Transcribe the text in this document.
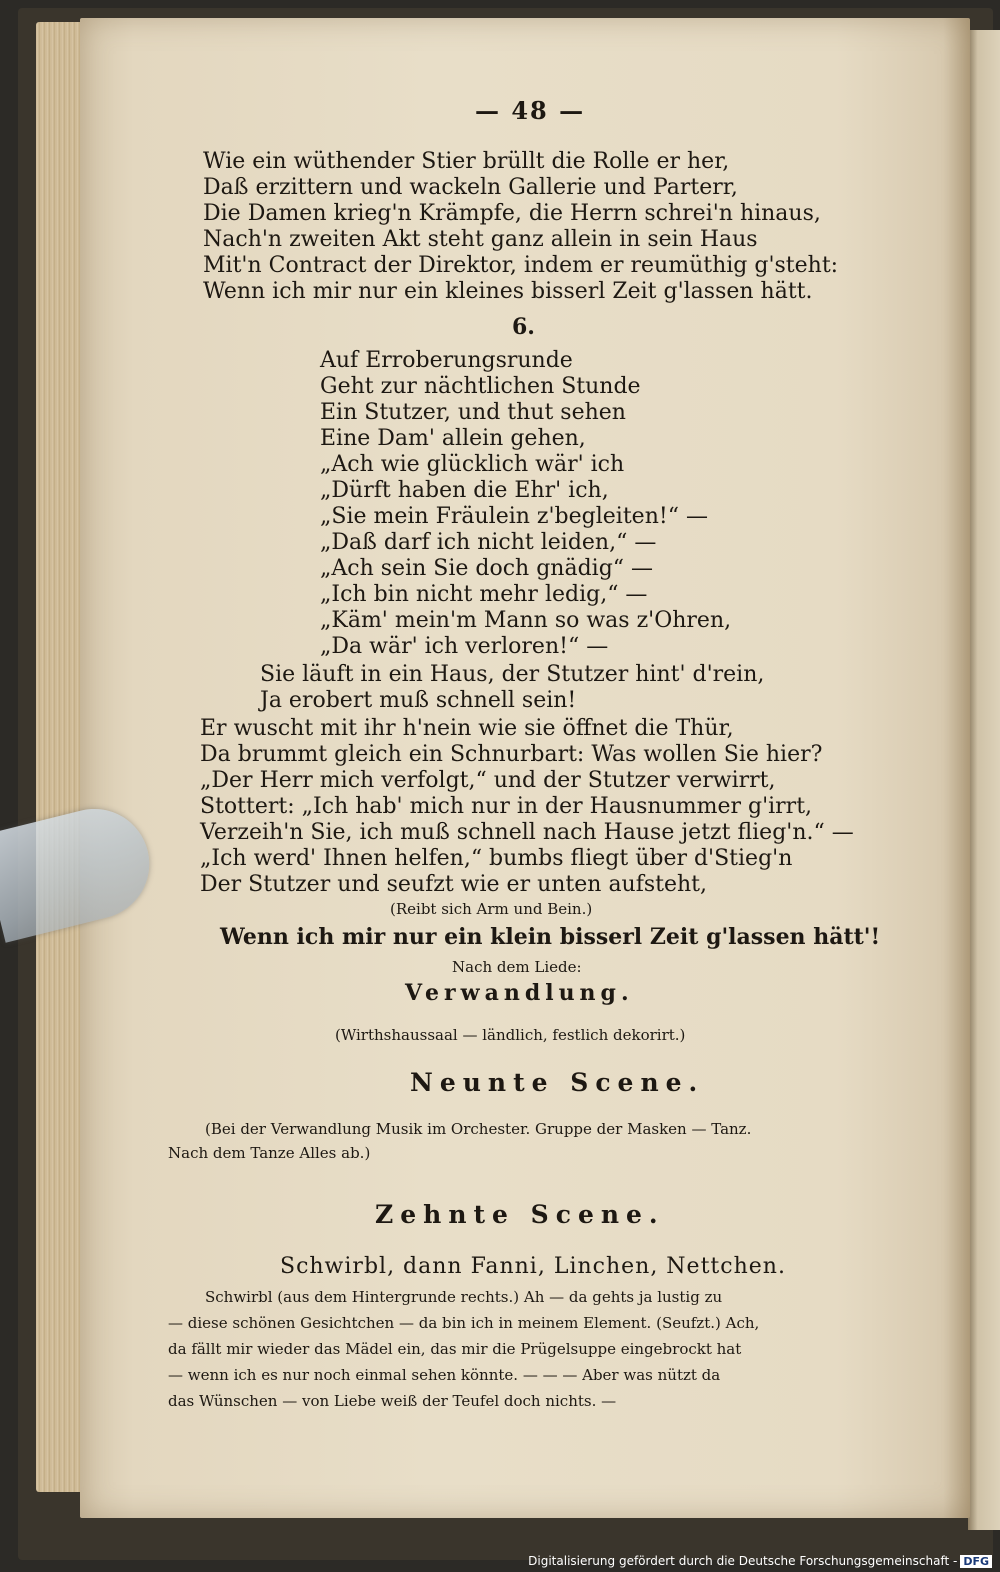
— 48 —
Wie ein wüthender Stier brüllt die Rolle er her,
Daß erzittern und wackeln Gallerie und Parterr,
Die Damen krieg'n Krämpfe, die Herrn schrei'n hinaus,
Nach'n zweiten Akt steht ganz allein in sein Haus
Mit'n Contract der Direktor, indem er reumüthig g'steht:
Wenn ich mir nur ein kleines bisserl Zeit g'lassen hätt.
6.
Auf Erroberungsrunde
Geht zur nächtlichen Stunde
Ein Stutzer, und thut sehen
Eine Dam' allein gehen,
„Ach wie glücklich wär' ich
„Dürft haben die Ehr' ich,
„Sie mein Fräulein z'begleiten!“ —
„Daß darf ich nicht leiden,“ —
„Ach sein Sie doch gnädig“ —
„Ich bin nicht mehr ledig,“ —
„Käm' mein'm Mann so was z'Ohren,
„Da wär' ich verloren!“ —
Sie läuft in ein Haus, der Stutzer hint' d'rein,
Ja erobert muß schnell sein!
Er wuscht mit ihr h'nein wie sie öffnet die Thür,
Da brummt gleich ein Schnurbart: Was wollen Sie hier?
„Der Herr mich verfolgt,“ und der Stutzer verwirrt,
Stottert: „Ich hab' mich nur in der Hausnummer g'irrt,
Verzeih'n Sie, ich muß schnell nach Hause jetzt flieg'n.“ —
„Ich werd' Ihnen helfen,“ bumbs fliegt über d'Stieg'n
Der Stutzer und seufzt wie er unten aufsteht,
(Reibt sich Arm und Bein.)
Wenn ich mir nur ein klein bisserl Zeit g'lassen hätt'!
Nach dem Liede:
Verwandlung.
(Wirthshaussaal — ländlich, festlich dekorirt.)
Neunte Scene.
(Bei der Verwandlung Musik im Orchester. Gruppe der Masken — Tanz.
Nach dem Tanze Alles ab.)
Zehnte Scene.
Schwirbl, dann Fanni, Linchen, Nettchen.
Schwirbl (aus dem Hintergrunde rechts.) Ah — da gehts ja lustig zu
— diese schönen Gesichtchen — da bin ich in meinem Element. (Seufzt.) Ach,
da fällt mir wieder das Mädel ein, das mir die Prügelsuppe eingebrockt hat
— wenn ich es nur noch einmal sehen könnte. — — — Aber was nützt da
das Wünschen — von Liebe weiß der Teufel doch nichts. —
Digitalisierung gefördert durch die Deutsche Forschungsgemeinschaft - DFG
